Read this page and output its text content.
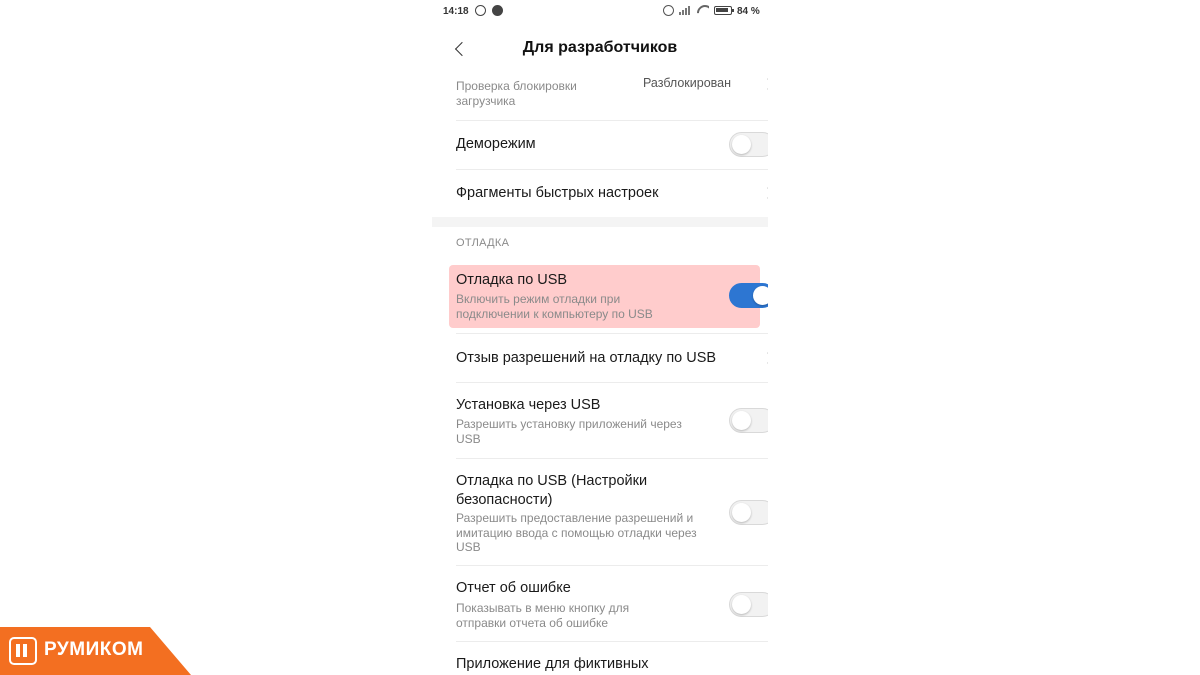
14:18	84 %
Для разработчиков
Проверка блокировки загрузчика
Разблокирован
Деморежим
Фрагменты быстрых настроек
ОТЛАДКА
Отладка по USB
Включить режим отладки при подключении к компьютеру по USB
Отзыв разрешений на отладку по USB
Установка через USB
Разрешить установку приложений через USB
Отладка по USB (Настройки безопасности)
Разрешить предоставление разрешений и имитацию ввода с помощью отладки через USB
Отчет об ошибке
Показывать в меню кнопку для отправки отчета об ошибке
Приложение для фиктивных
РУМИКОМ
